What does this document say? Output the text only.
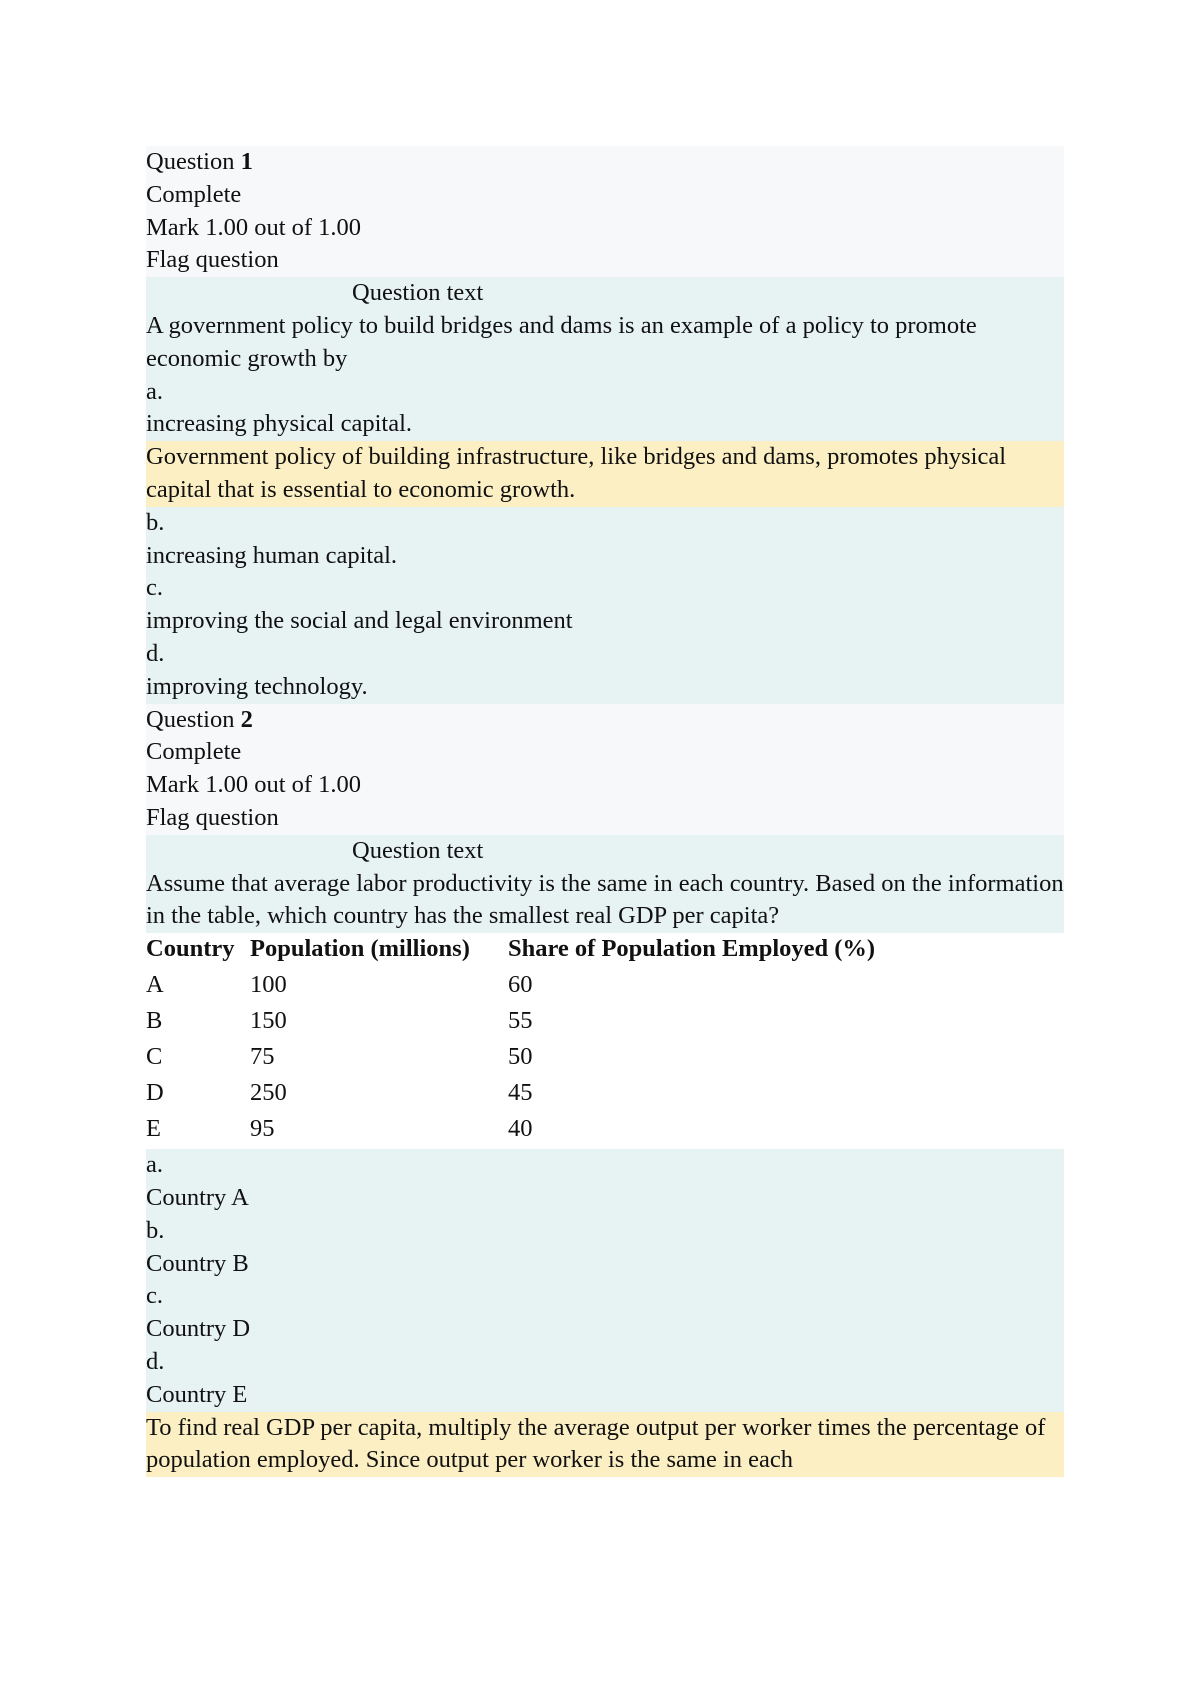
Question 1
Complete
Mark 1.00 out of 1.00
Flag question
Question text
A government policy to build bridges and dams is an example of a policy to promote economic growth by
a.
increasing physical capital.
Government policy of building infrastructure, like bridges and dams, promotes physical capital that is essential to economic growth.
b.
increasing human capital.
c.
improving the social and legal environment
d.
improving technology.
Question 2
Complete
Mark 1.00 out of 1.00
Flag question
Question text
Assume that average labor productivity is the same in each country. Based on the information in the table, which country has the smallest real GDP per capita?
Country	Population (millions)	Share of Population Employed (%)
A	100	60
B	150	55
C	75	50
D	250	45
E	95	40
a.
Country A
b.
Country B
c.
Country D
d.
Country E
To find real GDP per capita, multiply the average output per worker times the percentage of population employed. Since output per worker is the same in each
